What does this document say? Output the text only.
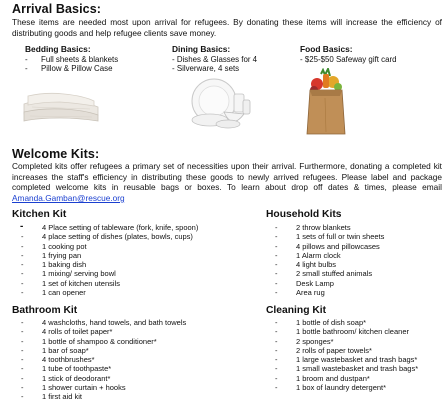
Arrival Basics:
These items are needed most upon arrival for refugees. By donating these items will increase the efficiency of
distributing goods and help refugee clients save money.
Bedding Basics:
- Full sheets & blankets
- Pillow & Pillow Case
Dining Basics:
- Dishes & Glasses for 4
- Silverware, 4 sets
Food Basics:
- $25-$50 Safeway gift card
Welcome Kits:
Completed kits offer refugees a primary set of necessities upon their arrival. Furthermore, donating a completed kit
increases the staff's efficiency in distributing these goods to newly arrived refugees. Please label and package
completed welcome kits in reusable bags or boxes. To learn about drop off dates & times, please email
Amanda.Gamban@rescue.org
Kitchen Kit
- 4 Place setting of tableware (fork, knife, spoon)
- 4 place setting of dishes (plates, bowls, cups)
- 1 cooking pot
- 1 frying pan
- 1 baking dish
- 1 mixing/ serving bowl
- 1 set of kitchen utensils
- 1 can opener
Household Kits
- 2 throw blankets
- 1 sets of full or twin sheets
- 4 pillows and pillowcases
- 1 Alarm clock
- 4 light bulbs
- 2 small stuffed animals
- Desk Lamp
- Area rug
Bathroom Kit
- 4 washcloths, hand towels, and bath towels
- 4 rolls of toilet paper*
- 1 bottle of shampoo & conditioner*
- 1 bar of soap*
- 4 toothbrushes*
- 1 tube of toothpaste*
- 1 stick of deodorant*
- 1 shower curtain + hooks
- 1 first aid kit
Cleaning Kit
- 1 bottle of dish soap*
- 1 bottle bathroom/ kitchen cleaner
- 2 sponges*
- 2 rolls of paper towels*
- 1 large wastebasket and trash bags*
- 1 small wastebasket and trash bags*
- 1 broom and dustpan*
- 1 box of laundry detergent*
